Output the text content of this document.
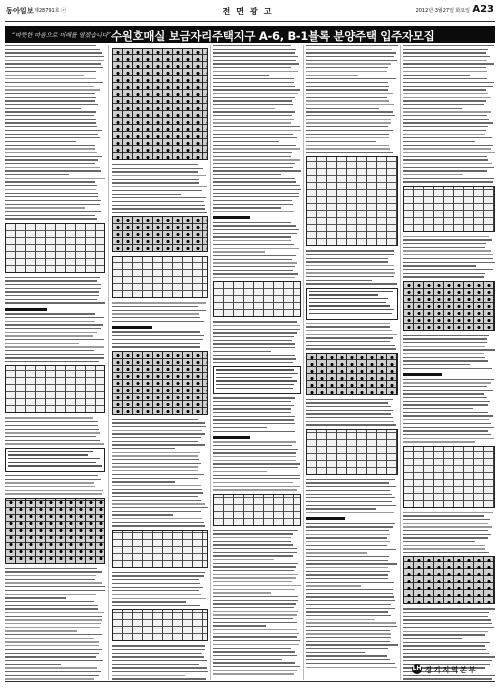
동아일보 제28791호 ⓔ	전면광고	2012년 3월27일 화요일 A23
“따뜻한 마음으로 미래를 열겠습니다” 수원호매실 보금자리주택지구 A-6, B-1블록 분양주택 입주자모집
LH 경기지역본부
